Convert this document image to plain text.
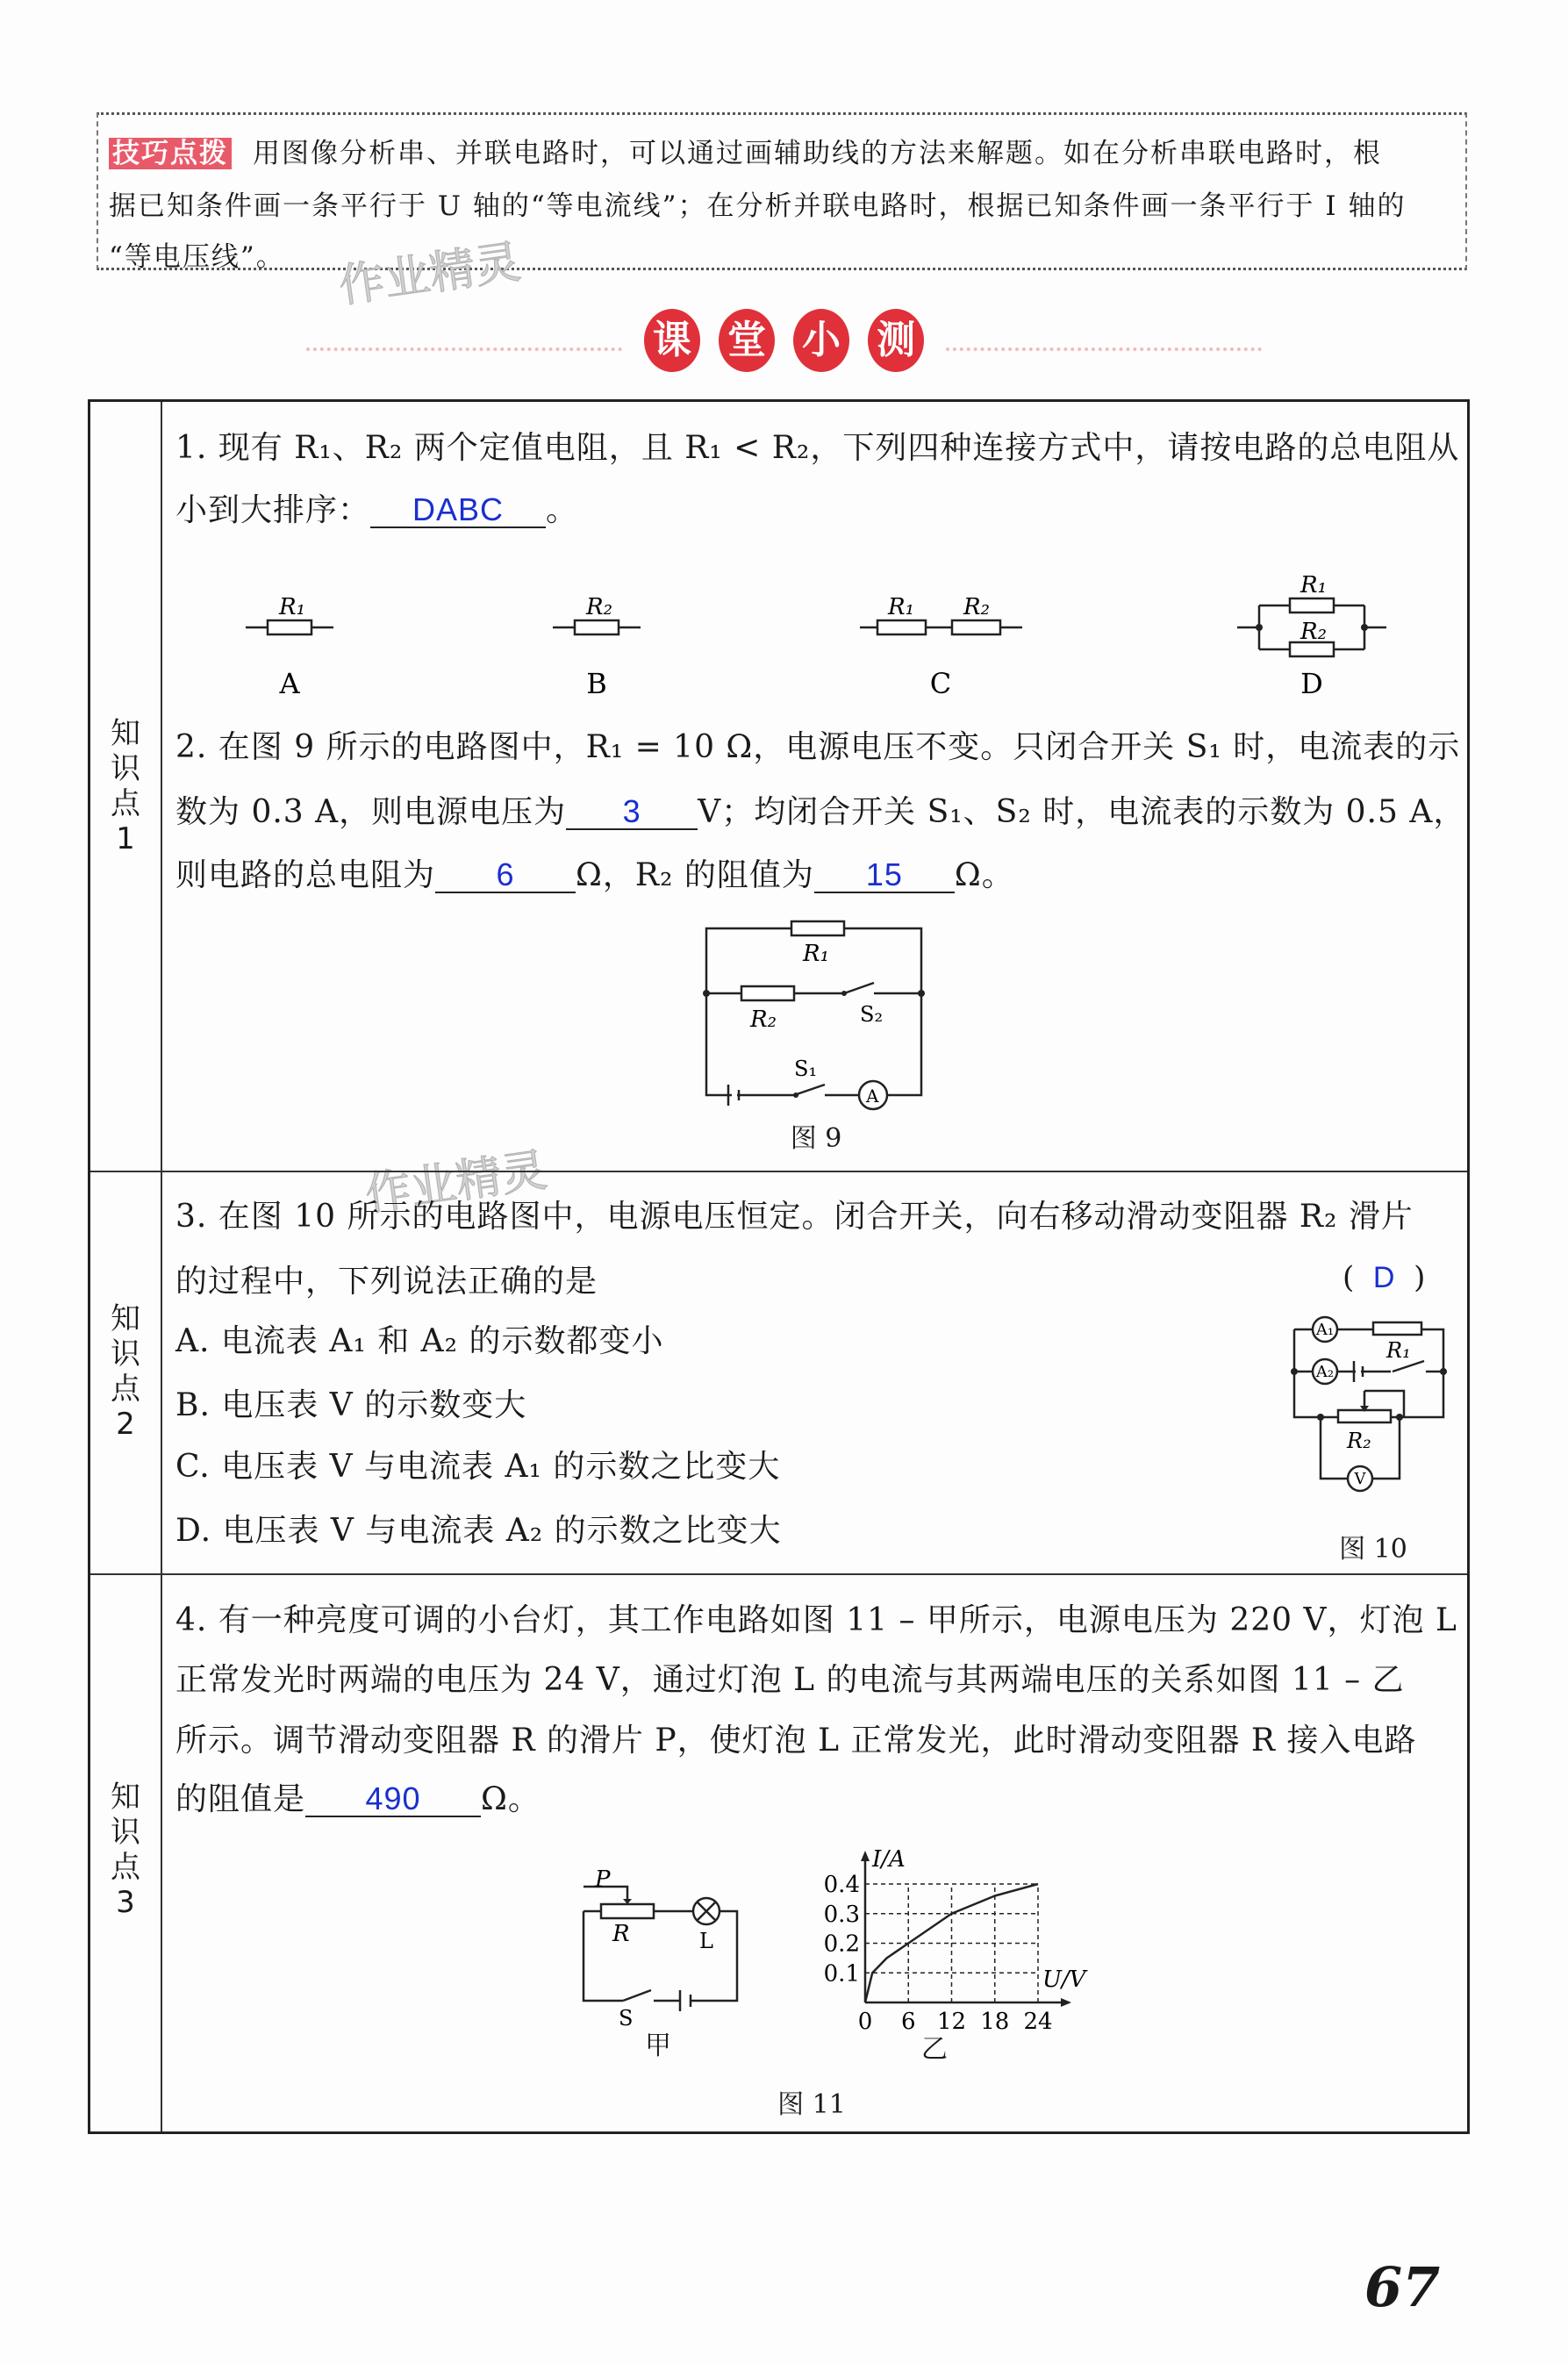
技巧点拨 用图像分析串、并联电路时，可以通过画辅助线的方法来解题。如在分析串联电路时，根
据已知条件画一条平行于 U 轴的“等电流线”；在分析并联电路时，根据已知条件画一条平行于 I 轴的
“等电压线”。 作业精灵
作业精灵
课 堂 小 测
知识点1
知识点2
知识点3
1. 现有 R₁、R₂ 两个定值电阻，且 R₁ < R₂，下列四种连接方式中，请按电路的总电阻从
小到大排序： DABC 。
R₁	R₂	R₁ R₂
R₁
R₂
A	B	C	D
2. 在图 9 所示的电路图中，R₁ = 10 Ω，电源电压不变。只闭合开关 S₁ 时，电流表的示
数为 0.3 A，则电源电压为 3 V；均闭合开关 S₁、S₂ 时，电流表的示数为 0.5 A，
则电路的总电阻为 6 Ω，R₂ 的阻值为 15 Ω。
R₁
R₂	S₂
S₁
A
图 9
3. 在图 10 所示的电路图中，电源电压恒定。闭合开关，向右移动滑动变阻器 R₂ 滑片
的过程中，下列说法正确的是	(  D  )
A. 电流表 A₁ 和 A₂ 的示数都变小
B. 电压表 V 的示数变大
C. 电压表 V 与电流表 A₁ 的示数之比变大
D. 电压表 V 与电流表 A₂ 的示数之比变大
A₁
A₂
V
R₁
R₂
图 10
4. 有一种亮度可调的小台灯，其工作电路如图 11 – 甲所示，电源电压为 220 V，灯泡 L
正常发光时两端的电压为 24 V，通过灯泡 L 的电流与其两端电压的关系如图 11 – 乙
所示。调节滑动变阻器 R 的滑片 P，使灯泡 L 正常发光，此时滑动变阻器 R 接入电路
的阻值是 490 Ω。
P
R	L
S
甲
0 6 12 18 24
0.1
0.2
0.3
0.4
I/A
U/V
乙
图 11
67
